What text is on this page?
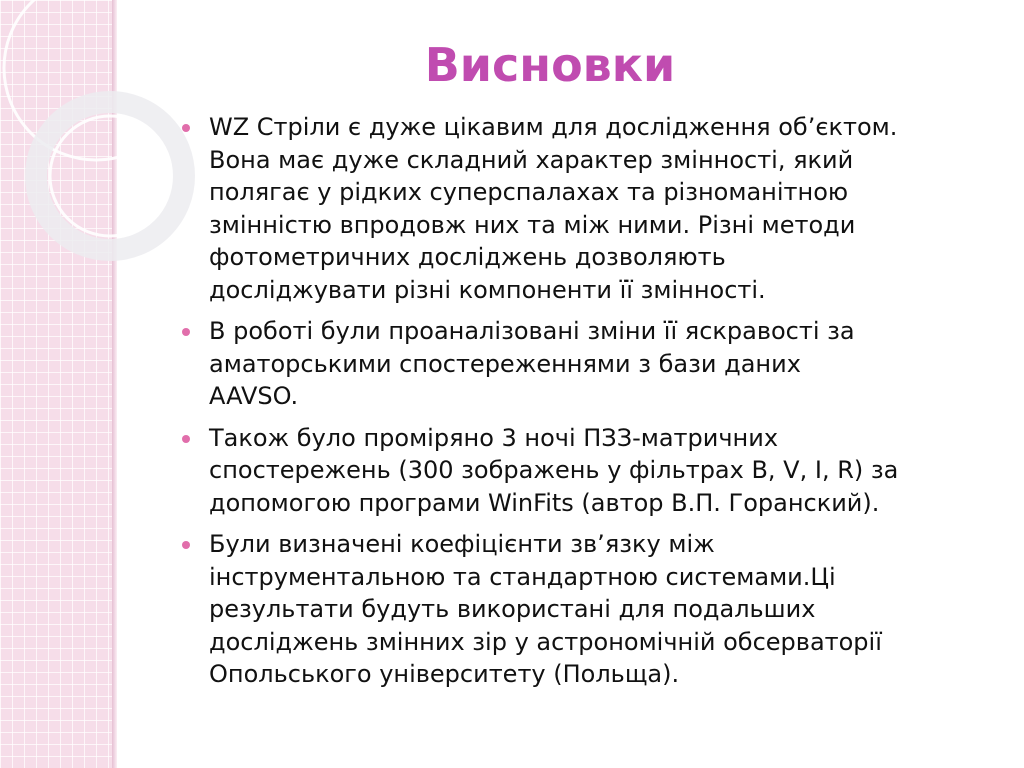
Висновки
WZ Стріли є дуже цікавим для дослідження об’єктом.
Вона має дуже складний характер змінності, який
полягає у рідких суперспалахах та різноманітною
змінністю впродовж них та між ними. Різні методи
фотометричних досліджень дозволяють
досліджувати різні компоненти її змінності.
В роботі були проаналізовані зміни її яскравості за
аматорськими спостереженнями з бази даних
AAVSO.
Також було проміряно 3 ночі ПЗЗ-матричних
спостережень (300 зображень у фільтрах B, V, I, R) за
допомогою програми WinFits (автор В.П. Горанский).
Були визначені коефіцієнти зв’язку між
інструментальною та стандартною системами.Ці
результати будуть використані для подальших
досліджень змінних зір у астрономічній обсерваторії
Опольського університету (Польща).
